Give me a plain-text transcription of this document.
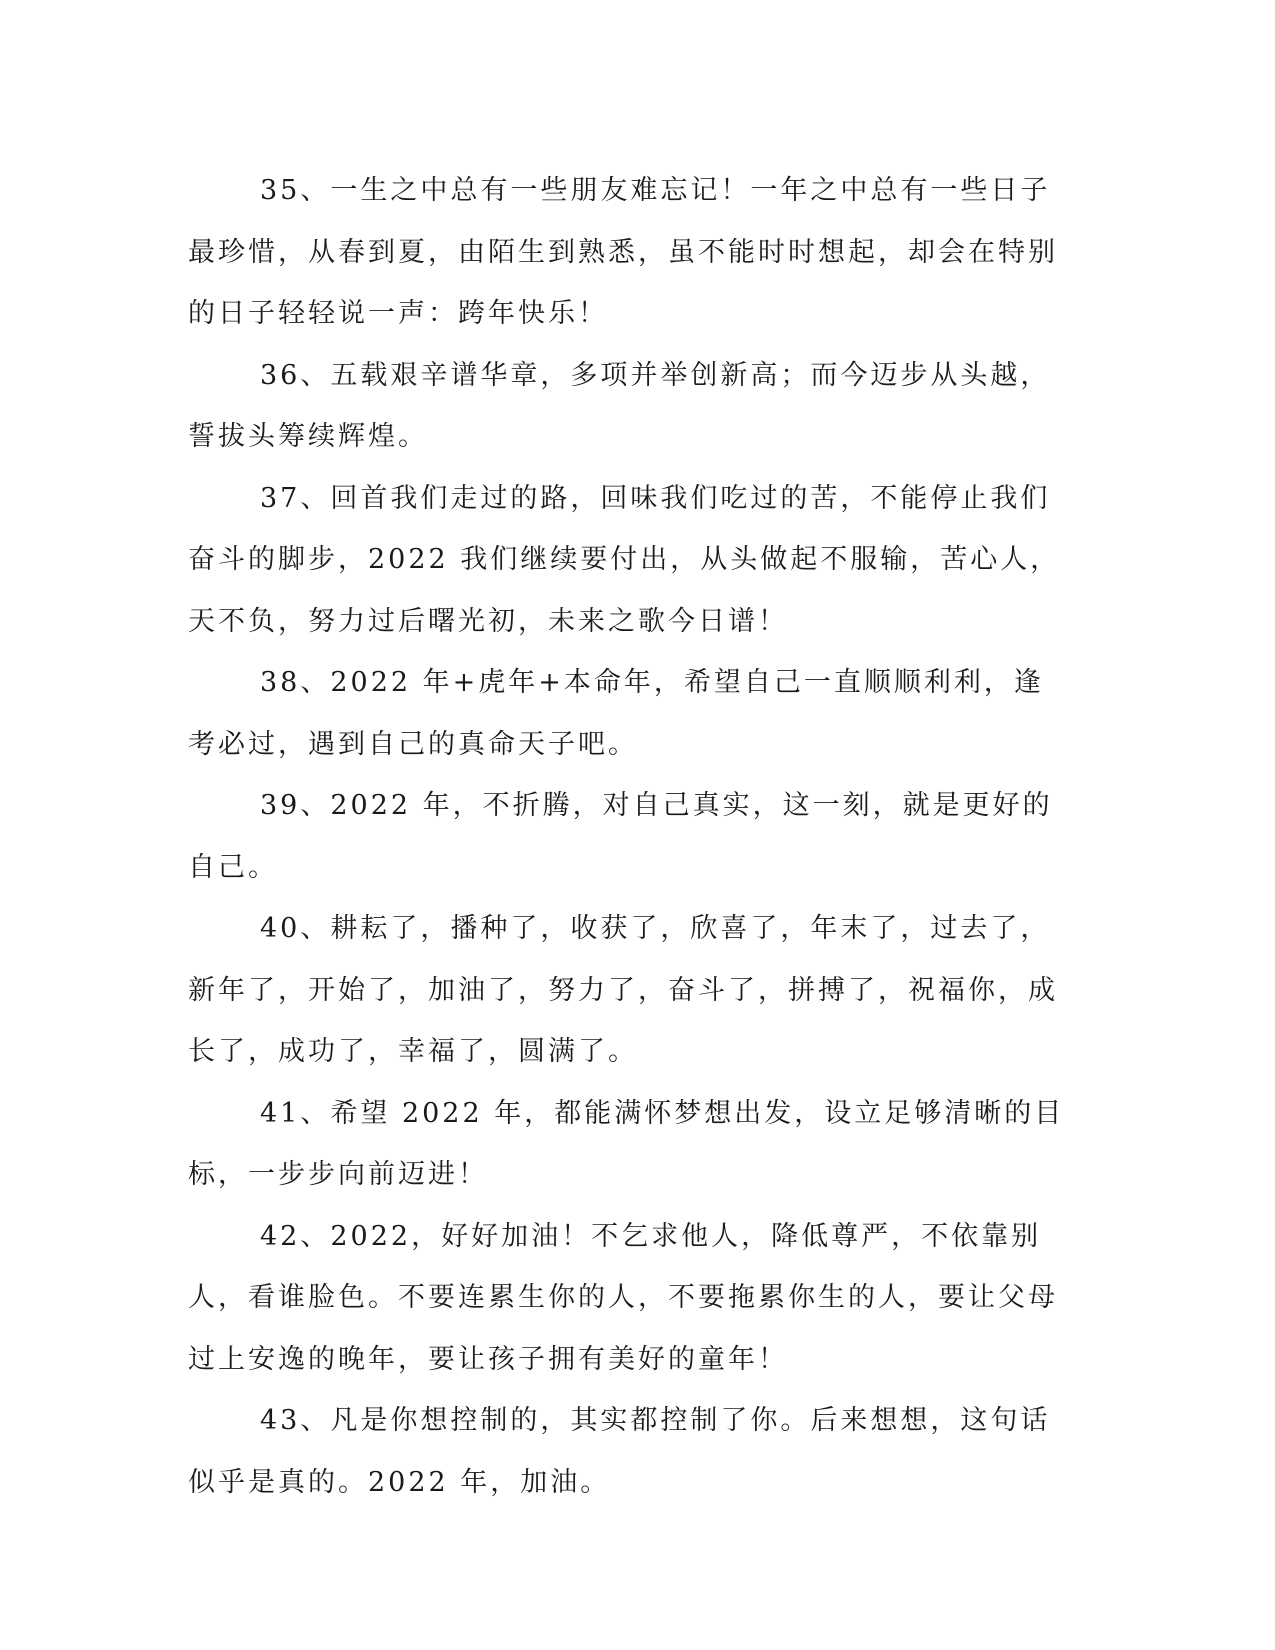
35、一生之中总有一些朋友难忘记！一年之中总有一些日子最珍惜，从春到夏，由陌生到熟悉，虽不能时时想起，却会在特别的日子轻轻说一声：跨年快乐！

36、五载艰辛谱华章，多项并举创新高；而今迈步从头越，誓拔头筹续辉煌。

37、回首我们走过的路，回味我们吃过的苦，不能停止我们奋斗的脚步，2022 我们继续要付出，从头做起不服输，苦心人，天不负，努力过后曙光初，未来之歌今日谱！

38、2022 年+虎年+本命年，希望自己一直顺顺利利，逢考必过，遇到自己的真命天子吧。

39、2022 年，不折腾，对自己真实，这一刻，就是更好的自己。

40、耕耘了，播种了，收获了，欣喜了，年末了，过去了，新年了，开始了，加油了，努力了，奋斗了，拼搏了，祝福你，成长了，成功了，幸福了，圆满了。

41、希望 2022 年，都能满怀梦想出发，设立足够清晰的目标，一步步向前迈进！

42、2022，好好加油！不乞求他人，降低尊严，不依靠别人，看谁脸色。不要连累生你的人，不要拖累你生的人，要让父母过上安逸的晚年，要让孩子拥有美好的童年！

43、凡是你想控制的，其实都控制了你。后来想想，这句话似乎是真的。2022 年，加油。
